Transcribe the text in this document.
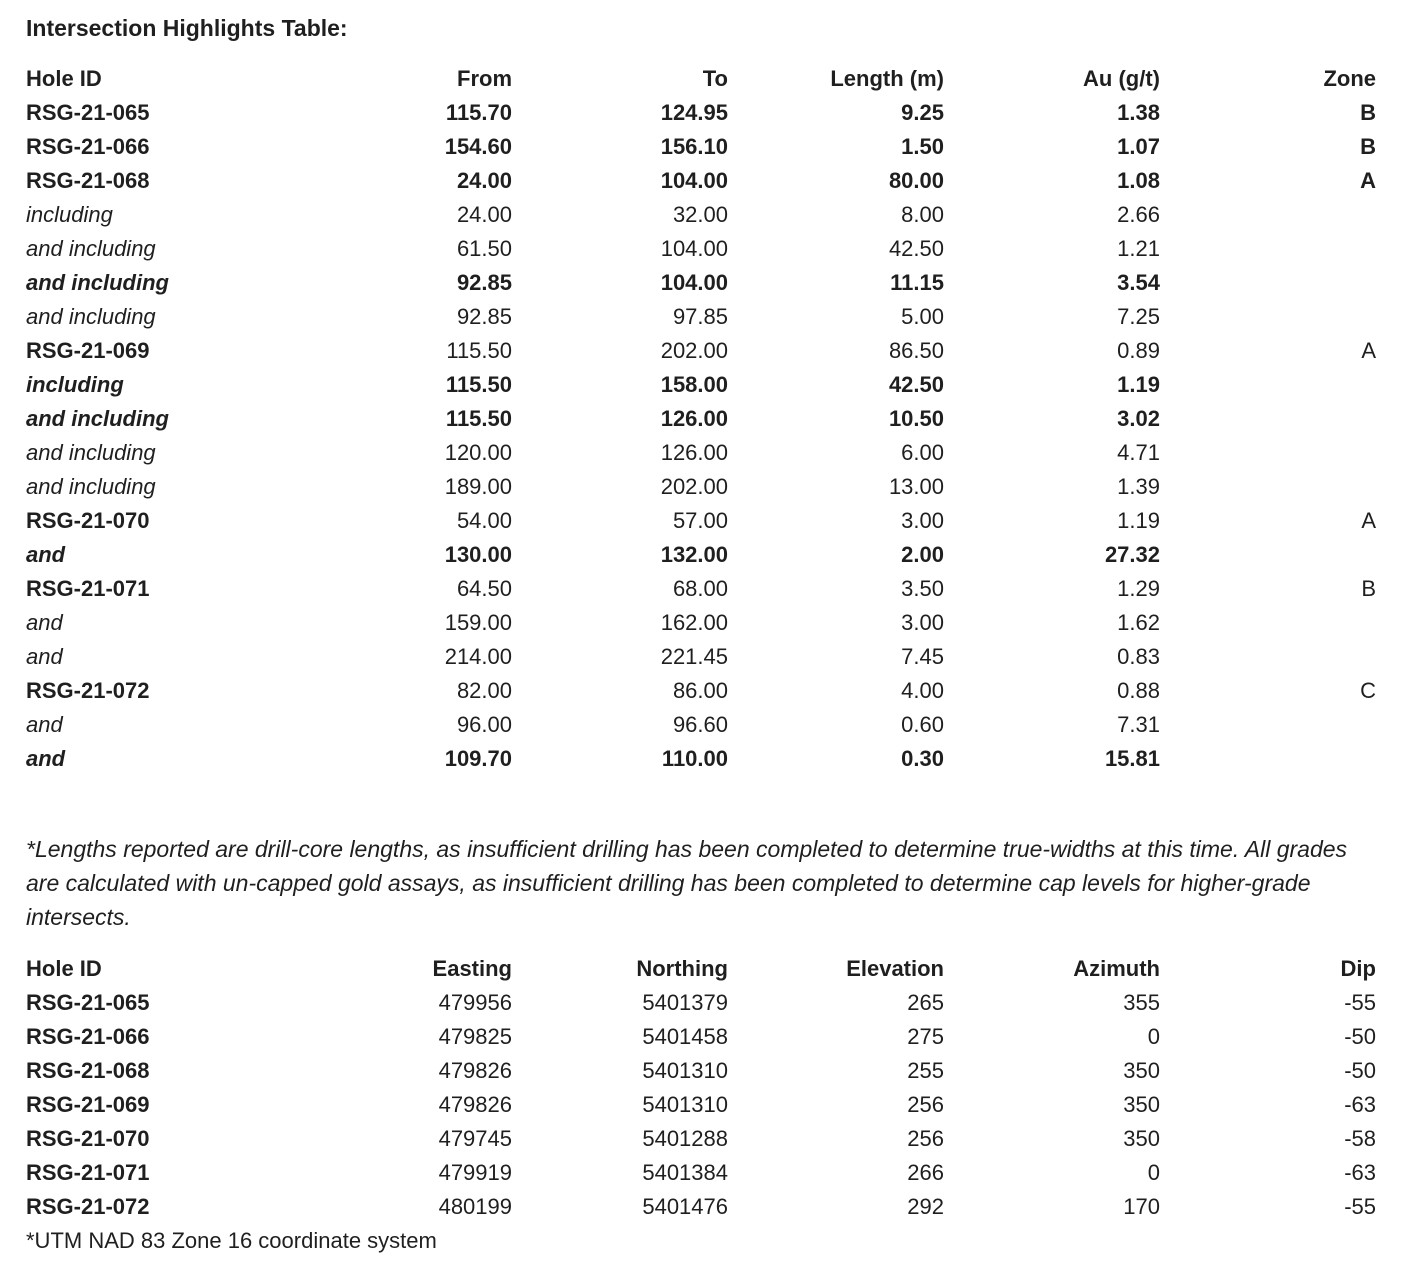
Intersection Highlights Table:
Hole ID	From	To	Length (m)	Au (g/t)	Zone
RSG-21-065	115.70	124.95	9.25	1.38	B
RSG-21-066	154.60	156.10	1.50	1.07	B
RSG-21-068	24.00	104.00	80.00	1.08	A
including	24.00	32.00	8.00	2.66	
and including	61.50	104.00	42.50	1.21	
and including	92.85	104.00	11.15	3.54	
and including	92.85	97.85	5.00	7.25	
RSG-21-069	115.50	202.00	86.50	0.89	A
including	115.50	158.00	42.50	1.19	
and including	115.50	126.00	10.50	3.02	
and including	120.00	126.00	6.00	4.71	
and including	189.00	202.00	13.00	1.39	
RSG-21-070	54.00	57.00	3.00	1.19	A
and	130.00	132.00	2.00	27.32	
RSG-21-071	64.50	68.00	3.50	1.29	B
and	159.00	162.00	3.00	1.62	
and	214.00	221.45	7.45	0.83	
RSG-21-072	82.00	86.00	4.00	0.88	C
and	96.00	96.60	0.60	7.31	
and	109.70	110.00	0.30	15.81	
*Lengths reported are drill-core lengths, as insufficient drilling has been completed to determine true-widths at this time. All grades are calculated with un-capped gold assays, as insufficient drilling has been completed to determine cap levels for higher-grade intersects.
Hole ID	Easting	Northing	Elevation	Azimuth	Dip
RSG-21-065	479956	5401379	265	355	-55
RSG-21-066	479825	5401458	275	0	-50
RSG-21-068	479826	5401310	255	350	-50
RSG-21-069	479826	5401310	256	350	-63
RSG-21-070	479745	5401288	256	350	-58
RSG-21-071	479919	5401384	266	0	-63
RSG-21-072	480199	5401476	292	170	-55
*UTM NAD 83 Zone 16 coordinate system
